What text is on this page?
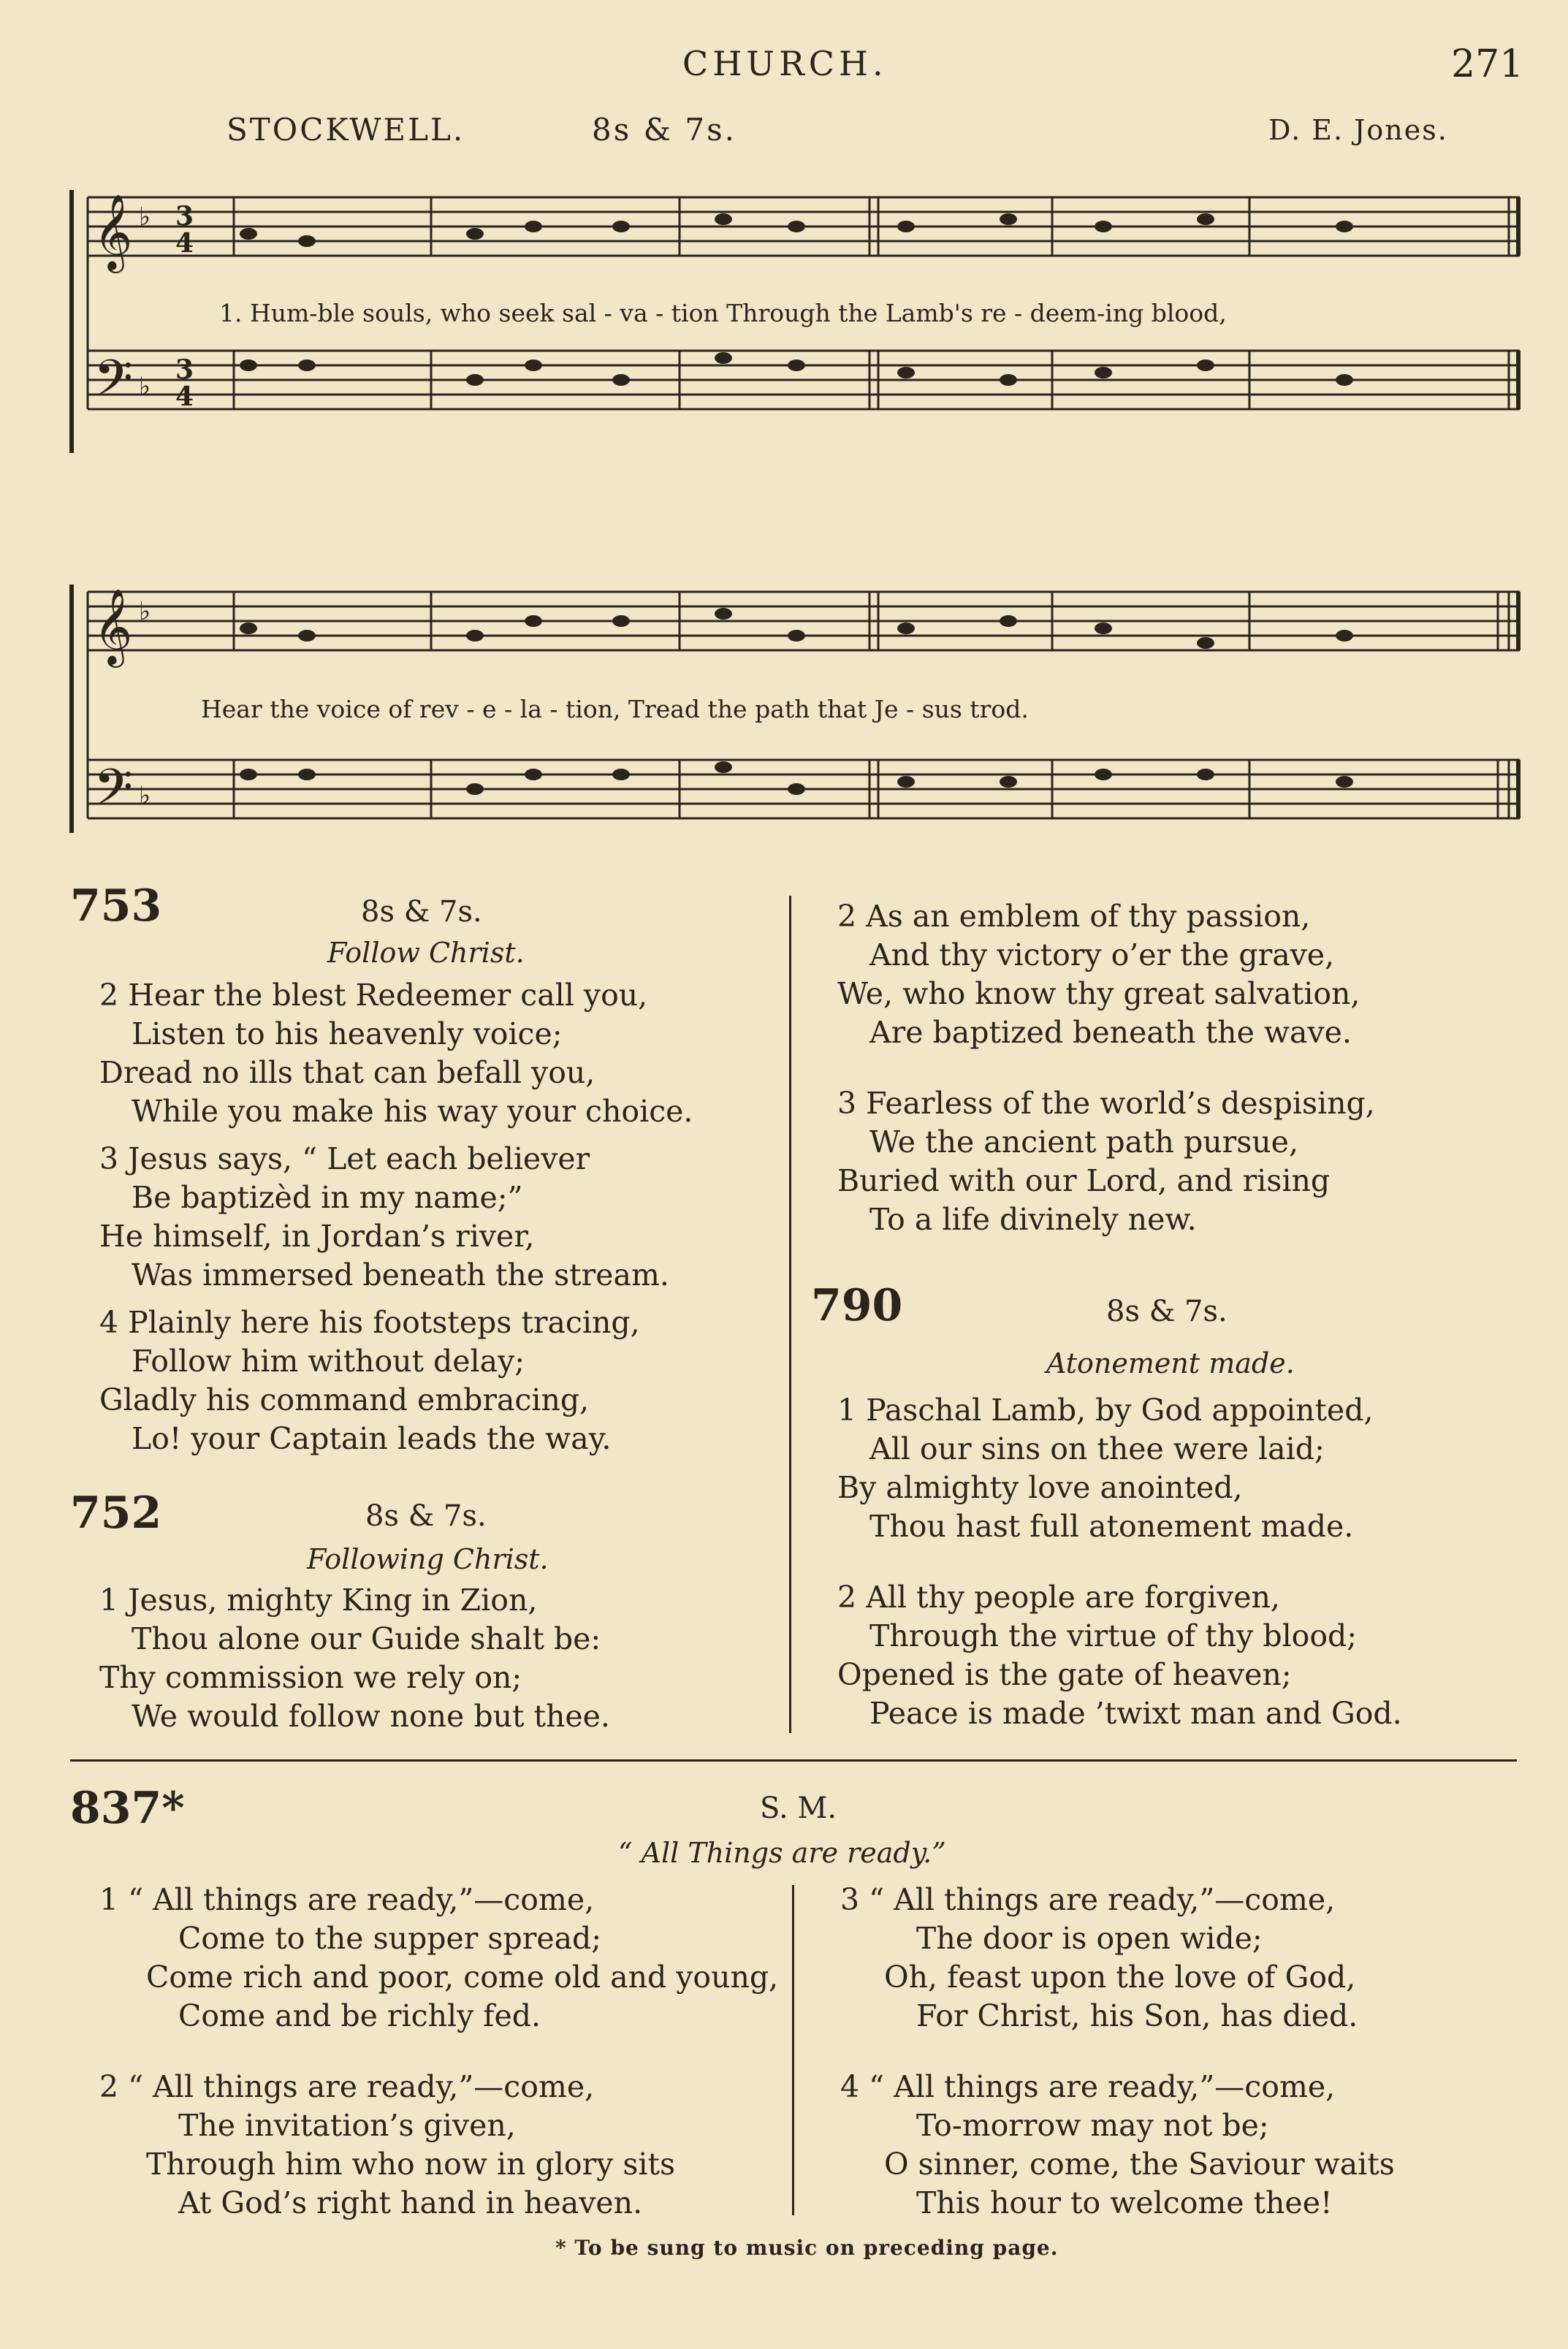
CHURCH.	271
STOCKWELL.	8s & 7s.	D. E. Jones.
𝄞 ♭ 3
4
𝄢 ♭
3
4
1. Hum-ble souls, who seek sal - va - tion Through the Lamb's re - deem-ing blood,
𝄞 ♭
𝄢 ♭
Hear the voice of rev - e - la - tion, Tread the path that Je - sus trod.
753	8s & 7s.
Follow Christ.
2 Hear the blest Redeemer call you,
Listen to his heavenly voice;
Dread no ills that can befall you,
While you make his way your choice.
3 Jesus says, “ Let each believer
Be baptizèd in my name;”
He himself, in Jordan’s river,
Was immersed beneath the stream.
4 Plainly here his footsteps tracing,
Follow him without delay;
Gladly his command embracing,
Lo! your Captain leads the way.
752	8s & 7s.
Following Christ.
1 Jesus, mighty King in Zion,
Thou alone our Guide shalt be:
Thy commission we rely on;
We would follow none but thee.
2 As an emblem of thy passion,
And thy victory o’er the grave,
We, who know thy great salvation,
Are baptized beneath the wave.
3 Fearless of the world’s despising,
We the ancient path pursue,
Buried with our Lord, and rising
To a life divinely new.
790	8s & 7s.
Atonement made.
1 Paschal Lamb, by God appointed,
All our sins on thee were laid;
By almighty love anointed,
Thou hast full atonement made.
2 All thy people are forgiven,
Through the virtue of thy blood;
Opened is the gate of heaven;
Peace is made ’twixt man and God.
837*	S. M.
“ All Things are ready.”
1 “ All things are ready,”—come,
Come to the supper spread;
Come rich and poor, come old and young,
Come and be richly fed.
2 “ All things are ready,”—come,
The invitation’s given,
Through him who now in glory sits
At God’s right hand in heaven.
3 “ All things are ready,”—come,
The door is open wide;
Oh, feast upon the love of God,
For Christ, his Son, has died.
4 “ All things are ready,”—come,
To-morrow may not be;
O sinner, come, the Saviour waits
This hour to welcome thee!
* To be sung to music on preceding page.
